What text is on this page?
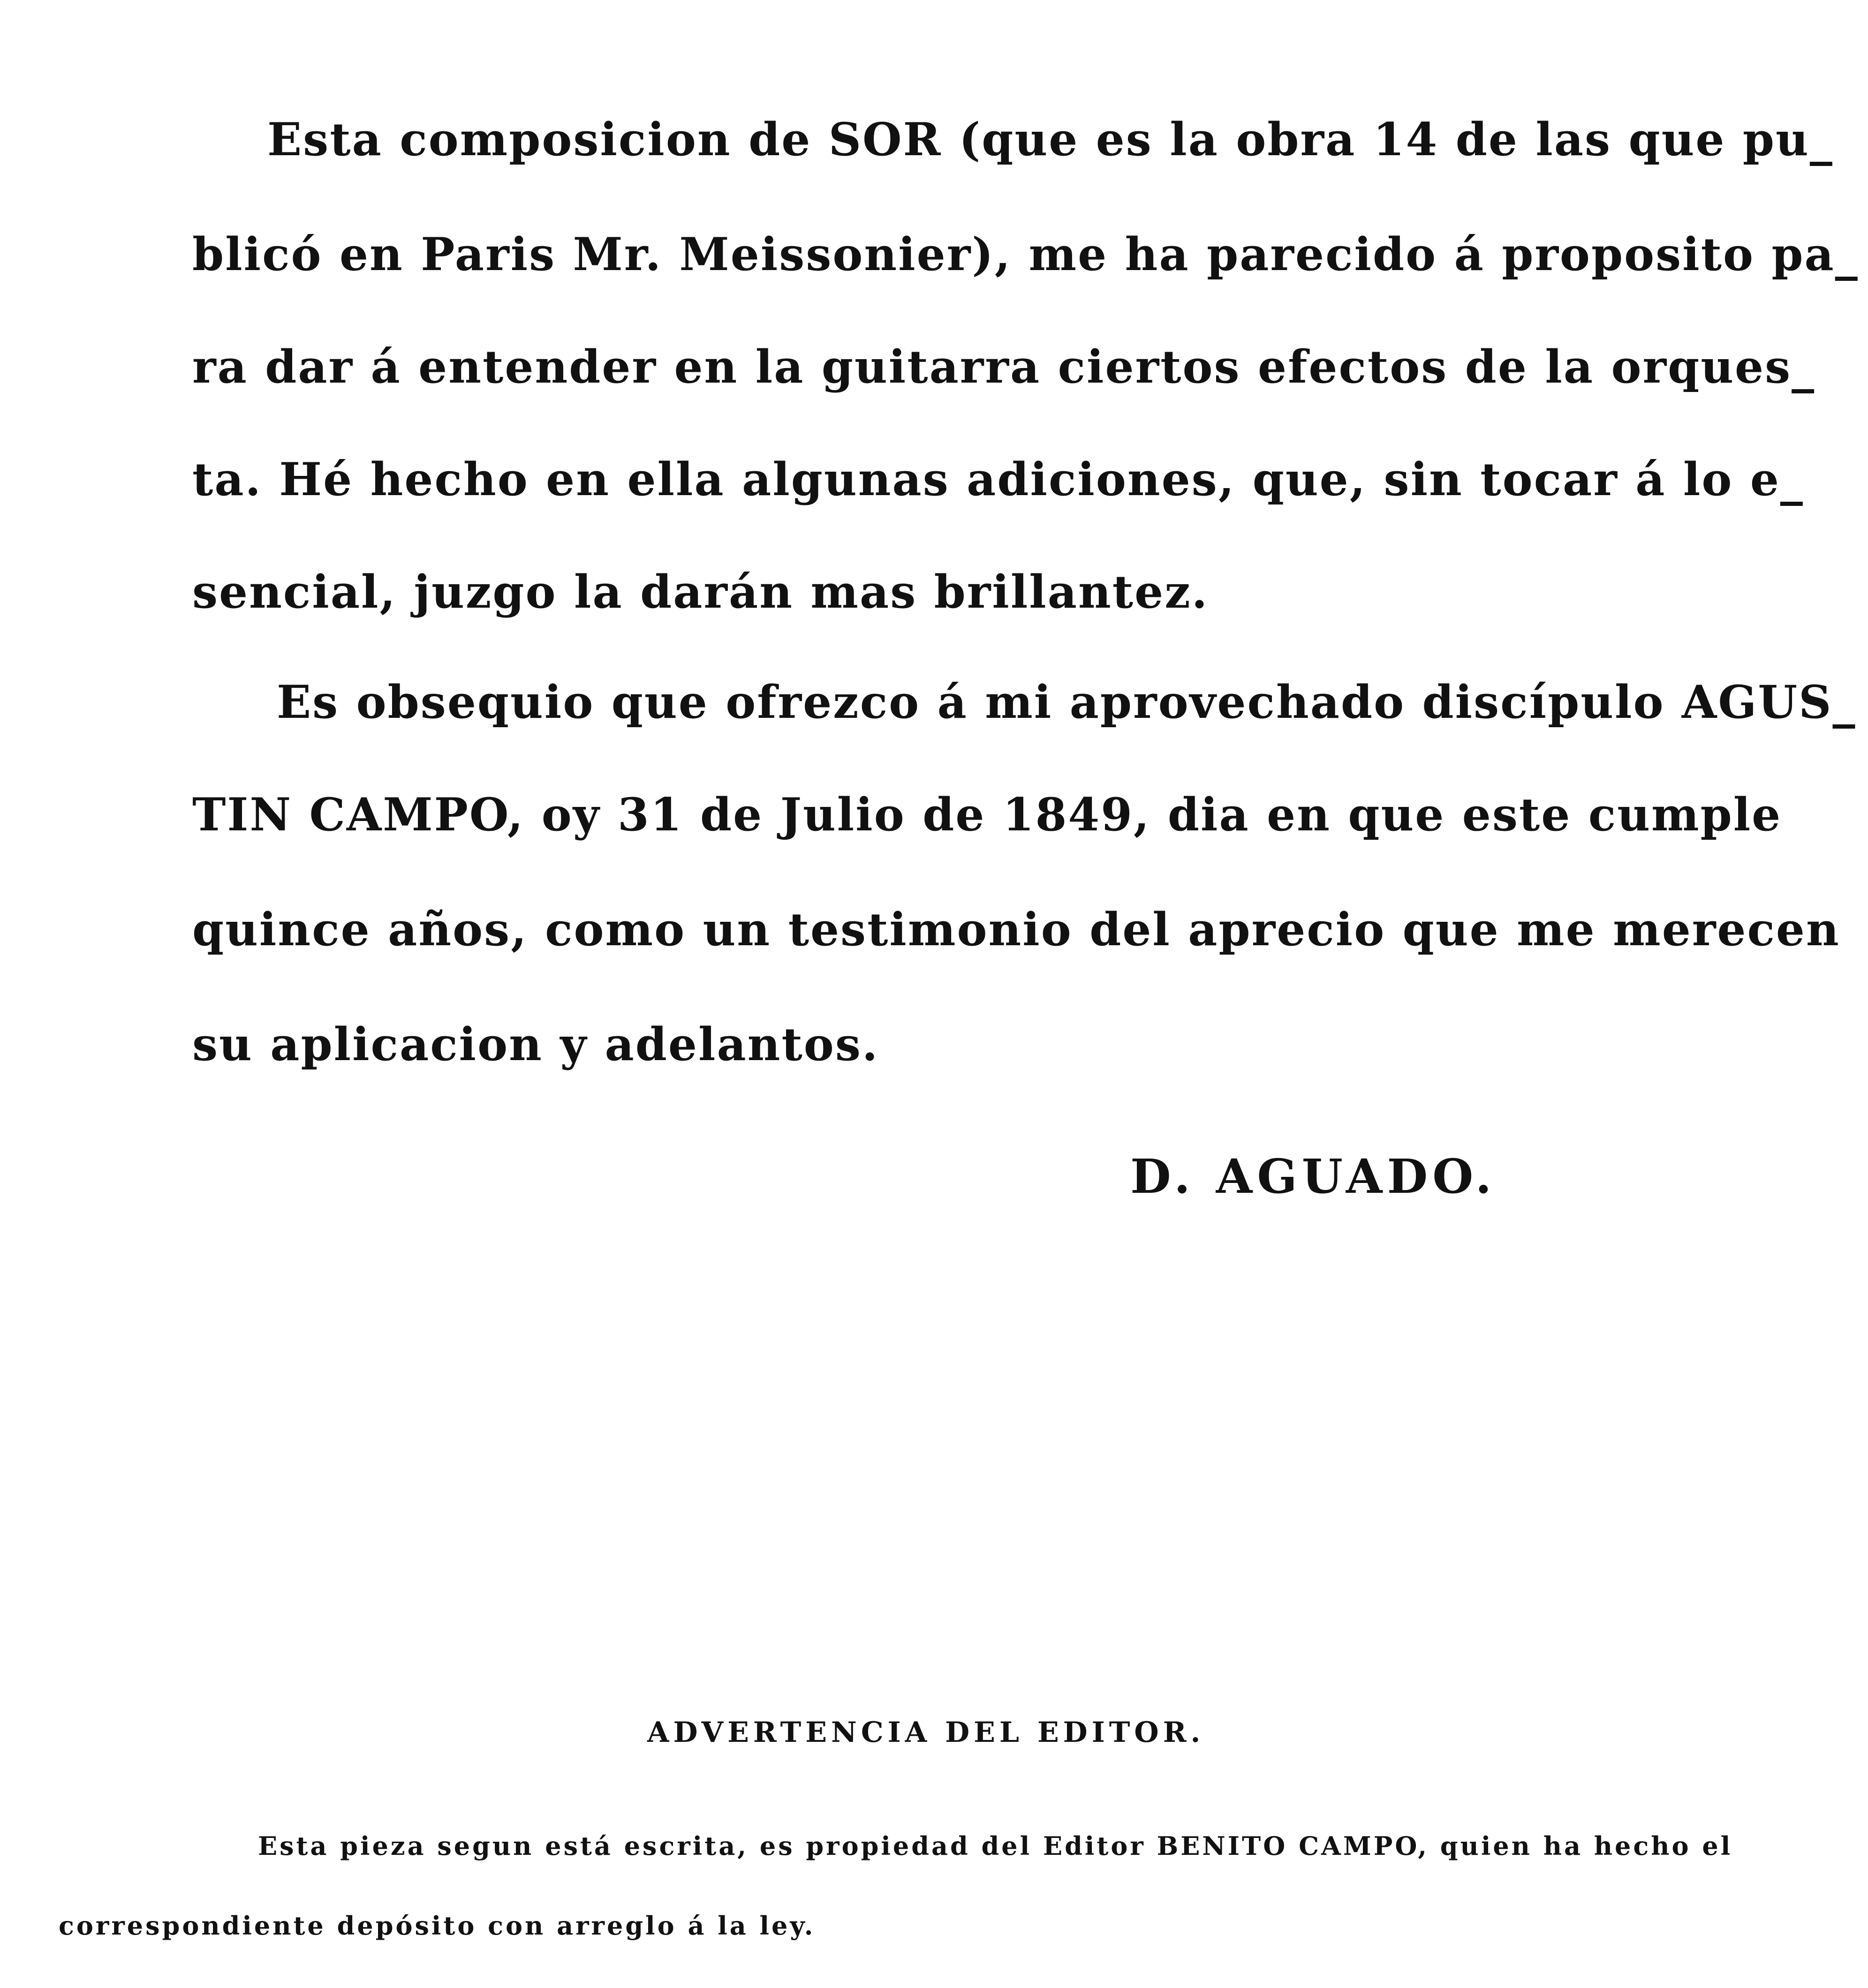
Esta composicion de SOR (que es la obra 14 de las que pu_
blicó en Paris Mr. Meissonier), me ha parecido á proposito pa_
ra dar á entender en la guitarra ciertos efectos de la orques_
ta. Hé hecho en ella algunas adiciones, que, sin tocar á lo e_
sencial, juzgo la darán mas brillantez.
Es obsequio que ofrezco á mi aprovechado discípulo AGUS_
TIN CAMPO, oy 31 de Julio de 1849, dia en que este cumple
quince años, como un testimonio del aprecio que me merecen
su aplicacion y adelantos.
D. AGUADO.
ADVERTENCIA DEL EDITOR.
Esta pieza segun está escrita, es propiedad del Editor BENITO CAMPO, quien ha hecho el
correspondiente depósito con arreglo á la ley.
